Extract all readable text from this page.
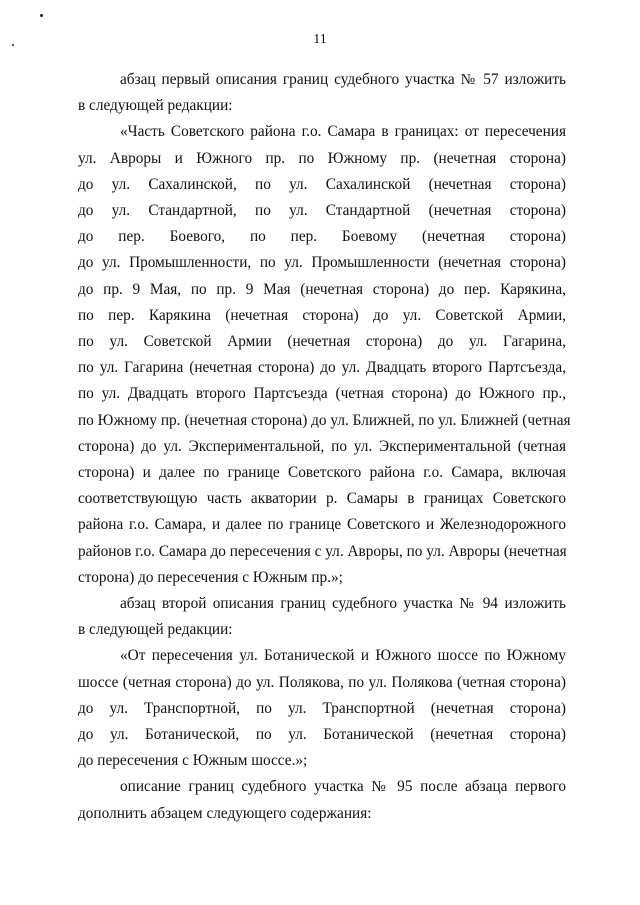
11
абзац первый описания границ судебного участка № 57 изложить
в следующей редакции:
«Часть Советского района г.о. Самара в границах: от пересечения
ул. Авроры и Южного пр. по Южному пр. (нечетная сторона)
до ул. Сахалинской, по ул. Сахалинской (нечетная сторона)
до ул. Стандартной, по ул. Стандартной (нечетная сторона)
до пер. Боевого, по пер. Боевому (нечетная сторона)
до ул. Промышленности, по ул. Промышленности (нечетная сторона)
до пр. 9 Мая, по пр. 9 Мая (нечетная сторона) до пер. Карякина,
по пер. Карякина (нечетная сторона) до ул. Советской Армии,
по ул. Советской Армии (нечетная сторона) до ул. Гагарина,
по ул. Гагарина (нечетная сторона) до ул. Двадцать второго Партсъезда,
по ул. Двадцать второго Партсъезда (четная сторона) до Южного пр.,
по Южному пр. (нечетная сторона) до ул. Ближней, по ул. Ближней (четная
сторона) до ул. Экспериментальной, по ул. Экспериментальной (четная
сторона) и далее по границе Советского района г.о. Самара, включая
соответствующую часть акватории р. Самары в границах Советского
района г.о. Самара, и далее по границе Советского и Железнодорожного
районов г.о. Самара до пересечения с ул. Авроры, по ул. Авроры (нечетная
сторона) до пересечения с Южным пр.»;
абзац второй описания границ судебного участка № 94 изложить
в следующей редакции:
«От пересечения ул. Ботанической и Южного шоссе по Южному
шоссе (четная сторона) до ул. Полякова, по ул. Полякова (четная сторона)
до ул. Транспортной, по ул. Транспортной (нечетная сторона)
до ул. Ботанической, по ул. Ботанической (нечетная сторона)
до пересечения с Южным шоссе.»;
описание границ судебного участка № 95 после абзаца первого
дополнить абзацем следующего содержания:
